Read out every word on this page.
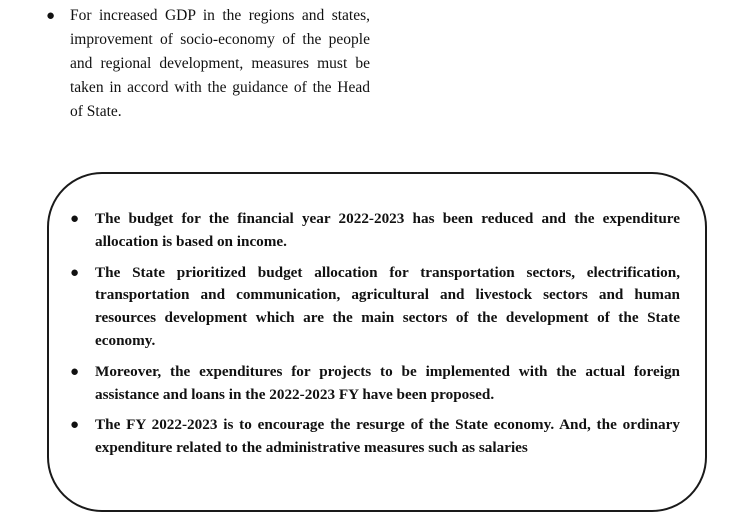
● For increased GDP in the regions and states, improvement of socio-economy of the people and regional development, measures must be taken in accord with the guidance of the Head of State.
● The budget for the financial year 2022-2023 has been reduced and the expenditure allocation is based on income.
● The State prioritized budget allocation for transportation sectors, electrification, transportation and communication, agricultural and livestock sectors and human resources development which are the main sectors of the development of the State economy.
● Moreover, the expenditures for projects to be implemented with the actual foreign assistance and loans in the 2022-2023 FY have been proposed.
● The FY 2022-2023 is to encourage the resurge of the State economy. And, the ordinary expenditure related to the administrative measures such as salaries
